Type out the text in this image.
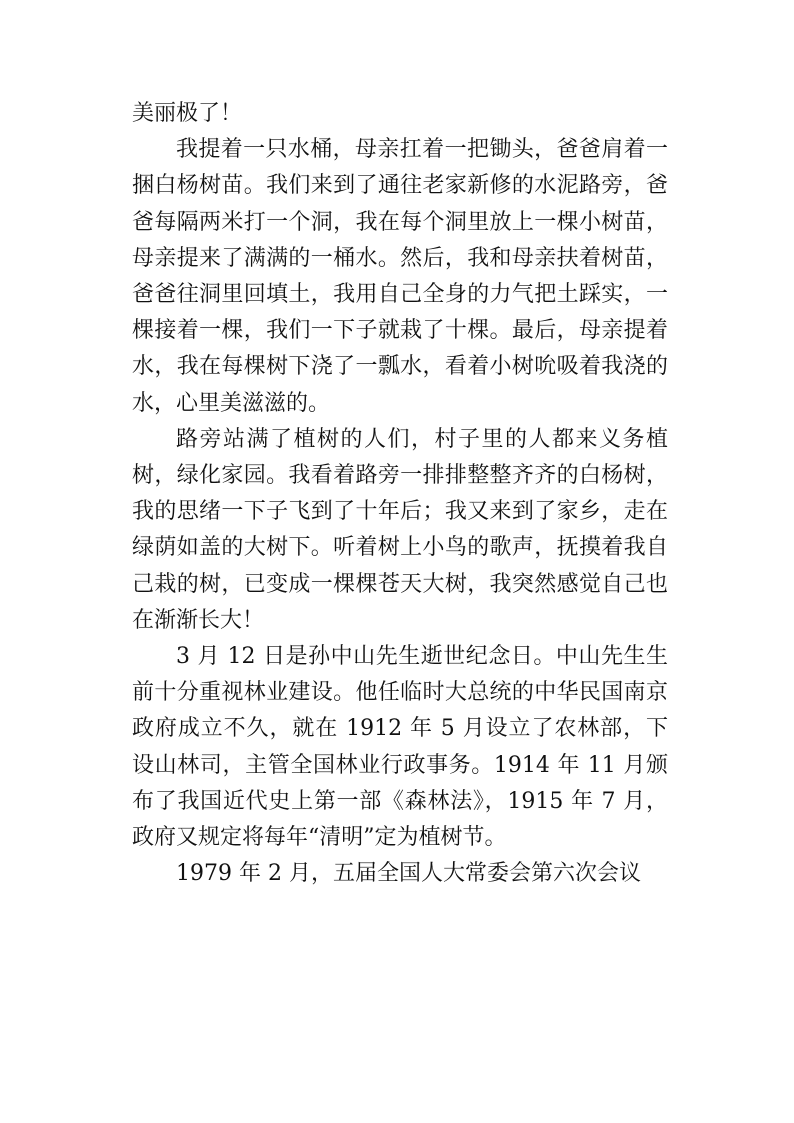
美丽极了！

我提着一只水桶，母亲扛着一把锄头，爸爸肩着一捆白杨树苗。我们来到了通往老家新修的水泥路旁，爸爸每隔两米打一个洞，我在每个洞里放上一棵小树苗，母亲提来了满满的一桶水。然后，我和母亲扶着树苗，爸爸往洞里回填土，我用自己全身的力气把土踩实，一棵接着一棵，我们一下子就栽了十棵。最后，母亲提着水，我在每棵树下浇了一瓢水，看着小树吮吸着我浇的水，心里美滋滋的。

路旁站满了植树的人们，村子里的人都来义务植树，绿化家园。我看着路旁一排排整整齐齐的白杨树，我的思绪一下子飞到了十年后；我又来到了家乡，走在绿荫如盖的大树下。听着树上小鸟的歌声，抚摸着我自己栽的树，已变成一棵棵苍天大树，我突然感觉自己也在渐渐长大！

3 月 12 日是孙中山先生逝世纪念日。中山先生生前十分重视林业建设。他任临时大总统的中华民国南京政府成立不久，就在 1912 年 5 月设立了农林部，下设山林司，主管全国林业行政事务。1914 年 11 月颁布了我国近代史上第一部《森林法》，1915 年 7 月，政府又规定将每年“清明”定为植树节。

1979 年 2 月，五届全国人大常委会第六次会议
